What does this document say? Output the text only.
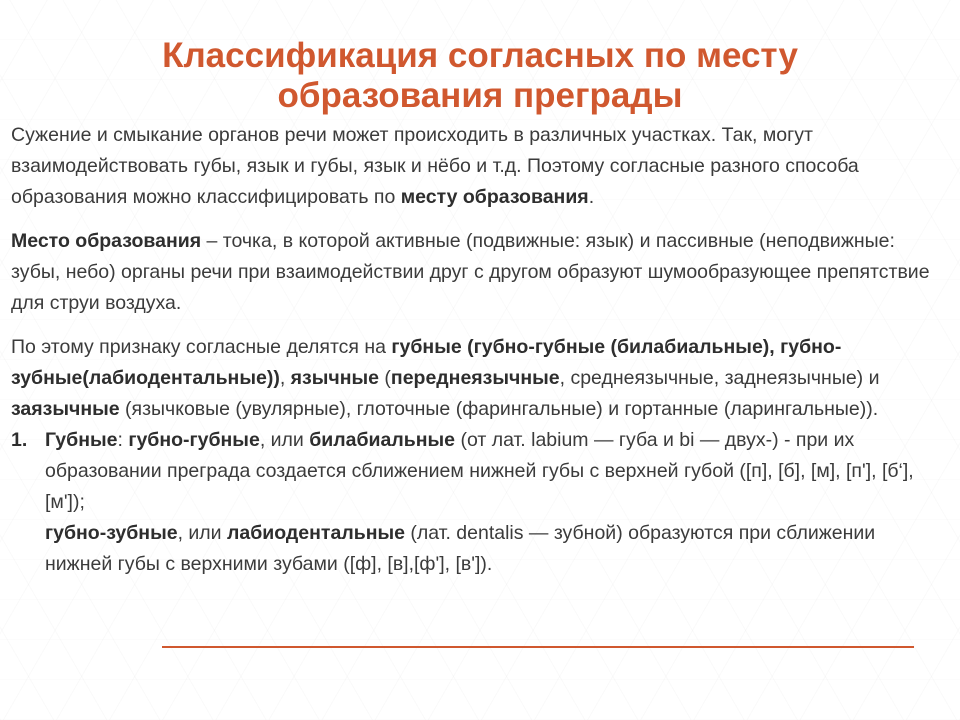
Классификация согласных по месту
образования преграды

Сужение и смыкание органов речи может происходить в различных участках. Так, могут взаимодействовать губы, язык и губы, язык и нёбо и т.д. Поэтому согласные разного способа образования можно классифицировать по месту образования.

Место образования – точка, в которой активные (подвижные: язык) и пассивные (неподвижные: зубы, небо) органы речи при взаимодействии друг с другом образуют шумообразующее препятствие для струи воздуха.

По этому признаку согласные делятся на губные (губно-губные (билабиальные), губно-зубные(лабиодентальные)), язычные (переднеязычные, среднеязычные, заднеязычные) и заязычные (язычковые (увулярные), глоточные (фарингальные) и гортанные (ларингальные)).

1. Губные: губно-губные, или билабиальные (от лат. labium — губа и bi — двух-) - при их образовании преграда создается сближением нижней губы с верхней губой ([п], [б], [м], [п'], [б‘], [м']);
губно-зубные, или лабиодентальные (лат. dentalis — зубной) образуются при сближении нижней губы с верхними зубами ([ф], [в],[ф'], [в']).
